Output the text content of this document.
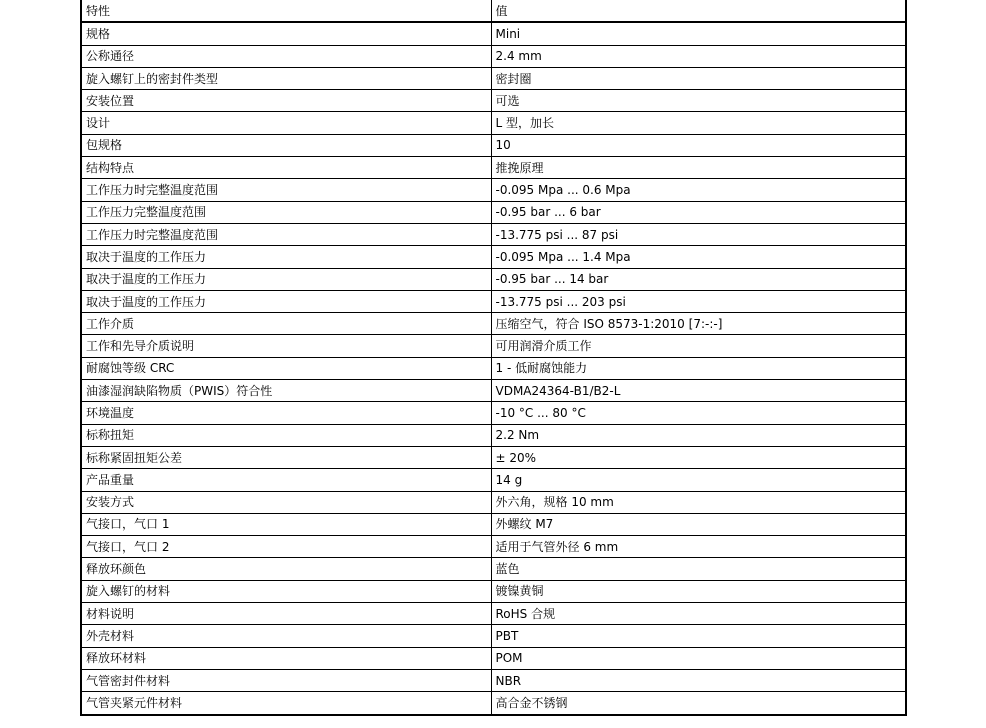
特性	值
规格	Mini
公称通径	2.4 mm
旋入螺钉上的密封件类型	密封圈
安装位置	可选
设计	L 型，加长
包规格	10
结构特点	推挽原理
工作压力时完整温度范围	-0.095 Mpa ... 0.6 Mpa
工作压力完整温度范围	-0.95 bar ... 6 bar
工作压力时完整温度范围	-13.775 psi ... 87 psi
取决于温度的工作压力	-0.095 Mpa ... 1.4 Mpa
取决于温度的工作压力	-0.95 bar ... 14 bar
取决于温度的工作压力	-13.775 psi ... 203 psi
工作介质	压缩空气，符合 ISO 8573-1:2010 [7:-:-]
工作和先导介质说明	可用润滑介质工作
耐腐蚀等级 CRC	1 - 低耐腐蚀能力
油漆湿润缺陷物质（PWIS）符合性	VDMA24364-B1/B2-L
环境温度	-10 °C ... 80 °C
标称扭矩	2.2 Nm
标称紧固扭矩公差	± 20%
产品重量	14 g
安装方式	外六角，规格 10 mm
气接口，气口 1	外螺纹 M7
气接口，气口 2	适用于气管外径 6 mm
释放环颜色	蓝色
旋入螺钉的材料	镀镍黄铜
材料说明	RoHS 合规
外壳材料	PBT
释放环材料	POM
气管密封件材料	NBR
气管夹紧元件材料	高合金不锈钢
